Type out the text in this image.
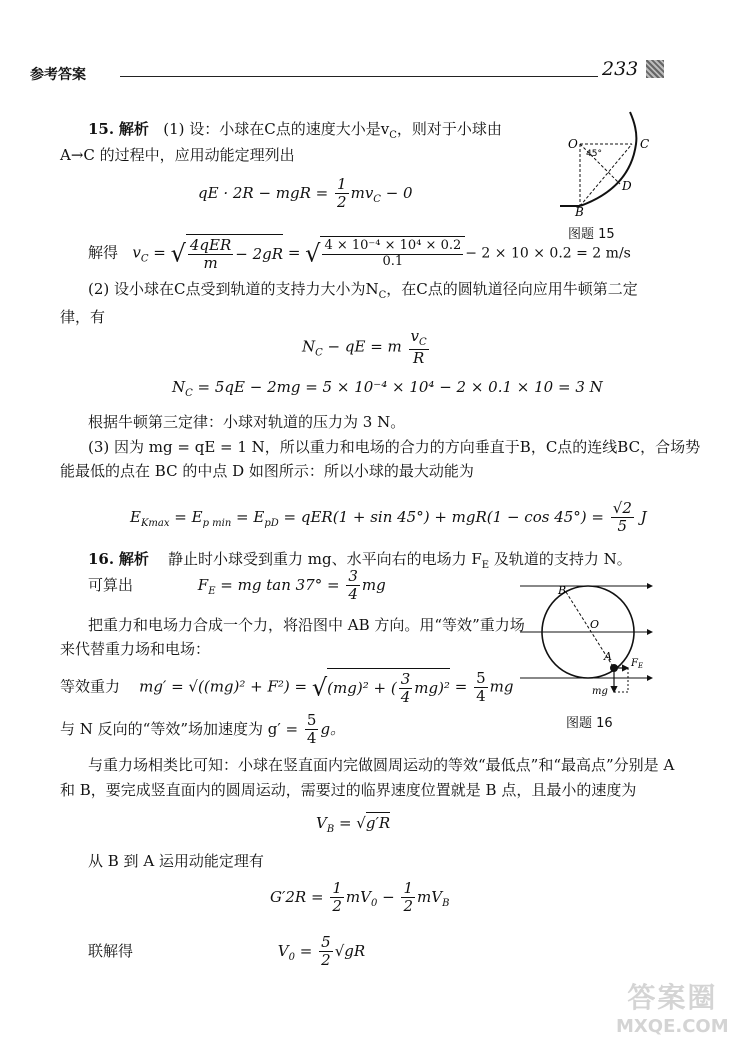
参考答案	233
15. 解析 (1) 设：小球在C点的速度大小是$v_C$，则对于小球由
A→C 的过程中，应用动能定理列出
qE · 2R − mgR = $\frac{1}{2} mv_C - 0$
解得 $v_C$ = √ $\frac{\text{4qER}}{m} - 2gR$ = √ $\frac{\text{4 × 10⁻⁴ × 10⁴ × 0.2}}{0.1} - 2 \times 10 \times 0.2 = 2$ m/s
(2) 设小球在C点受到轨道的支持力大小为$N_C$，在C点的圆轨道径向应用牛顿第二定
律，有
$N_C$ − qE = m $\frac{v_C}{R}$
$N_C = 5qE - 2mg = 5 \times 10^{-4} \times 10^4 - 2 \times 0.1 \times 10 = 3$ N
根据牛顿第三定律：小球对轨道的压力为 3 N。
(3) 因为 mg = qE = 1 N，所以重力和电场的合力的方向垂直于B，C点的连线BC，合场势
能最低的点在 BC 的中点 D 如图所示：所以小球的最大动能为
$E_{Kmax} = E_{p min} = E_{pD} = qER(1 + \sin 45^\circ) + mgR(1 - \cos 45^\circ) = \frac{√2}{5}$ J
O	C
D
B
45°
图题 15
16. 解析 静止时小球受到重力 mg、水平向右的电场力 $F_E$ 及轨道的支持力 N。
可算出	$F_E$ = mg $\tan 37^\circ = \frac{3}{4}$ mg
把重力和电场力合成一个力，将沿图中 AB 方向。用“等效”重力场
来代替重力场和电场：
等效重力 mg′ = √((mg)² + F²) = √(mg)² + ( $\frac{3}{4} mg)^2 = \frac{5}{4}$ mg
与 N 反向的“等效”场加速度为 $g' = \frac{5}{4}$ g。
与重力场相类比可知：小球在竖直面内完做圆周运动的等效“最低点”和“最高点”分别是 A
和 B，要完成竖直面内的圆周运动，需要过的临界速度位置就是 B 点，且最小的速度为
$V_B = √g'R$
从 B 到 A 运用动能定理有
$G'2R = \frac{1}{2} mV_0 - \frac{1}{2} mV_B$
联解得	$V_0 = \frac{5}{2} √gR$
B
O
A
$F_E$
mg
图题 16
答案圈
MXQE.COM
